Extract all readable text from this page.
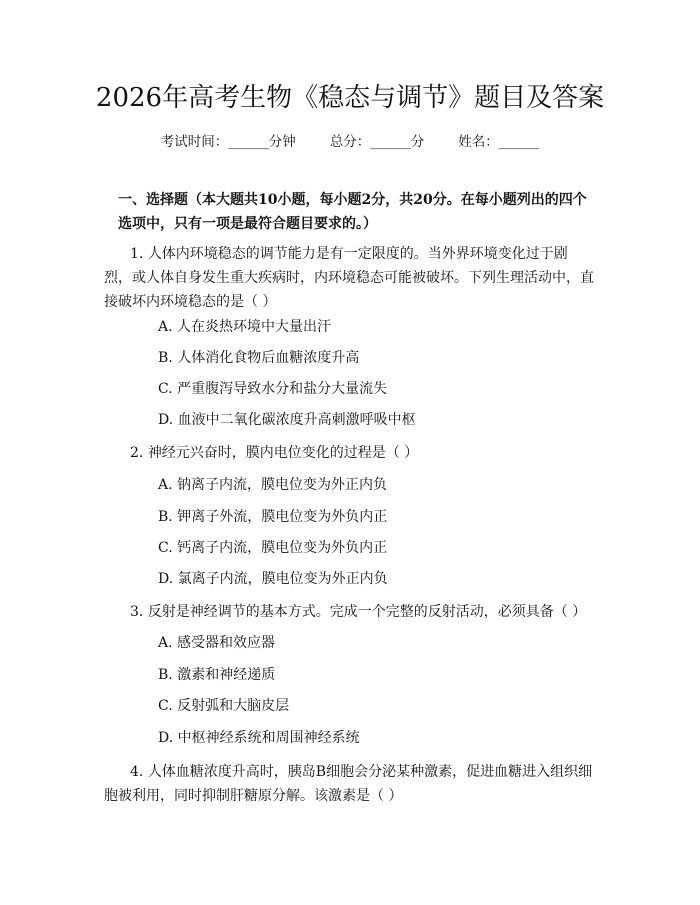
2026年高考生物《稳态与调节》题目及答案
考试时间：______分钟	总分：______分	姓名：______
一、选择题（本大题共10小题，每小题2分，共20分。在每小题列出的四个选项中，只有一项是最符合题目要求的。）
1. 人体内环境稳态的调节能力是有一定限度的。当外界环境变化过于剧烈，或人体自身发生重大疾病时，内环境稳态可能被破坏。下列生理活动中，直接破坏内环境稳态的是（ ）
A. 人在炎热环境中大量出汗
B. 人体消化食物后血糖浓度升高
C. 严重腹泻导致水分和盐分大量流失
D. 血液中二氧化碳浓度升高刺激呼吸中枢
2. 神经元兴奋时，膜内电位变化的过程是（ ）
A. 钠离子内流，膜电位变为外正内负
B. 钾离子外流，膜电位变为外负内正
C. 钙离子内流，膜电位变为外负内正
D. 氯离子内流，膜电位变为外正内负
3. 反射是神经调节的基本方式。完成一个完整的反射活动，必须具备（ ）
A. 感受器和效应器
B. 激素和神经递质
C. 反射弧和大脑皮层
D. 中枢神经系统和周围神经系统
4. 人体血糖浓度升高时，胰岛B细胞会分泌某种激素，促进血糖进入组织细胞被利用，同时抑制肝糖原分解。该激素是（ ）
